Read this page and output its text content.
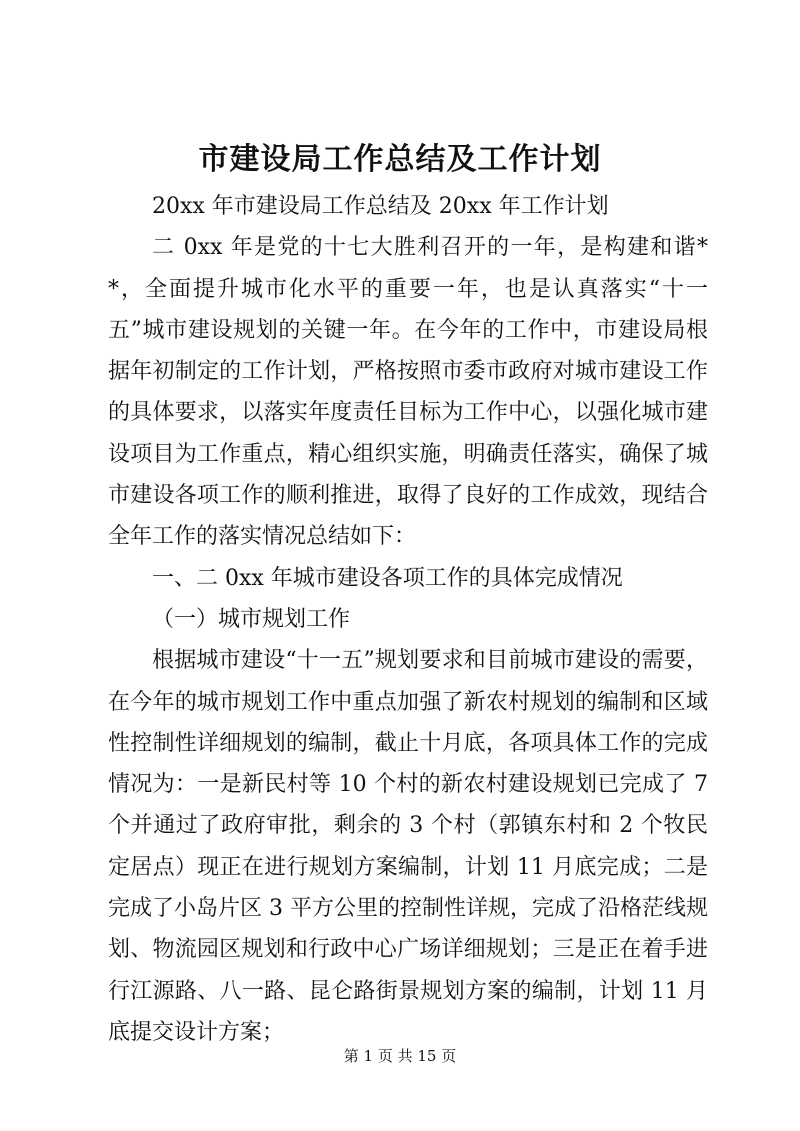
市建设局工作总结及工作计划

20xx 年市建设局工作总结及 20xx 年工作计划

二 0xx 年是党的十七大胜利召开的一年，是构建和谐**，全面提升城市化水平的重要一年，也是认真落实“十一五”城市建设规划的关键一年。在今年的工作中，市建设局根据年初制定的工作计划，严格按照市委市政府对城市建设工作的具体要求，以落实年度责任目标为工作中心，以强化城市建设项目为工作重点，精心组织实施，明确责任落实，确保了城市建设各项工作的顺利推进，取得了良好的工作成效，现结合全年工作的落实情况总结如下：

一、二 0xx 年城市建设各项工作的具体完成情况

（一）城市规划工作

根据城市建设“十一五”规划要求和目前城市建设的需要，在今年的城市规划工作中重点加强了新农村规划的编制和区域性控制性详细规划的编制，截止十月底，各项具体工作的完成情况为：一是新民村等 10 个村的新农村建设规划已完成了 7 个并通过了政府审批，剩余的 3 个村（郭镇东村和 2 个牧民定居点）现正在进行规划方案编制，计划 11 月底完成；二是完成了小岛片区 3 平方公里的控制性详规，完成了沿格茫线规划、物流园区规划和行政中心广场详细规划；三是正在着手进行江源路、八一路、昆仑路街景规划方案的编制，计划 11 月底提交设计方案；

第 1 页 共 15 页
